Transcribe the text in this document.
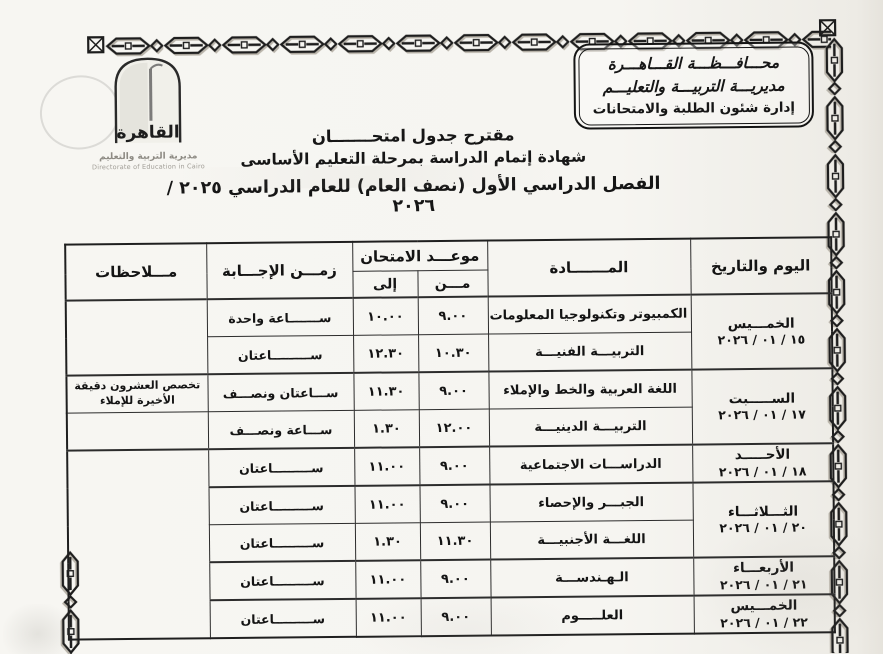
القاهرة
مديرية التربية والتعليم
Directorate of Education in Cairo
محـــافـــظـــة القـــاهـــرة
مديريـــة التربيـــة والتعليـــم
إدارة شئون الطلبة والامتحانات
مقترح جدول امتحـــــــان
شهادة إتمام الدراسة بمرحلة التعليم الأساسى
الفصل الدراسي الأول (نصف العام) للعام الدراسي ٢٠٢٥ / ٢٠٢٦
اليوم والتاريخ	المـــــــادة	موعـــد الامتحان		زمـــن الإجـــابة	مـــلاحظات
		مـــن	إلى		

الخمـــيس
١٥ / ٠١ / ٢٠٢٦	الكمبيوتر وتكنولوجيا المعلومات	٩.٠٠	١٠.٠٠	ســـــــاعة واحدة	
	التربيـــة الفنيـــة	١٠.٣٠	١٢.٣٠	ســـــــــاعتان	

الســـــبت
١٧ / ٠١ / ٢٠٢٦	اللغة العربية والخط والإملاء	٩.٠٠	١١.٣٠	ســـاعتان ونصـــف	تخصص العشرون دقيقة الأخيرة للإملاء
	التربيـــة الدينيـــة	١٢.٠٠	١.٣٠	ســـاعة ونصـــف	

الأحـــــد
١٨ / ٠١ / ٢٠٢٦	الدراســـات الاجتماعية	٩.٠٠	١١.٠٠	ســـــــــاعتان	

الثـــلاثـــاء
٢٠ / ٠١ / ٢٠٢٦	الجبـــر والإحصاء	٩.٠٠	١١.٠٠	ســـــــــاعتان	
	اللغـــة الأجنبيـــة	١١.٣٠	١.٣٠	ســـــــــاعتان	

الأربعـــاء
٢١ / ٠١ / ٢٠٢٦	الـهـندســـة	٩.٠٠	١١.٠٠	ســـــــــاعتان	

الخمـــيس
٢٢ / ٠١ / ٢٠٢٦	العلـــــوم	٩.٠٠	١١.٠٠	ســـــــــاعتان	
